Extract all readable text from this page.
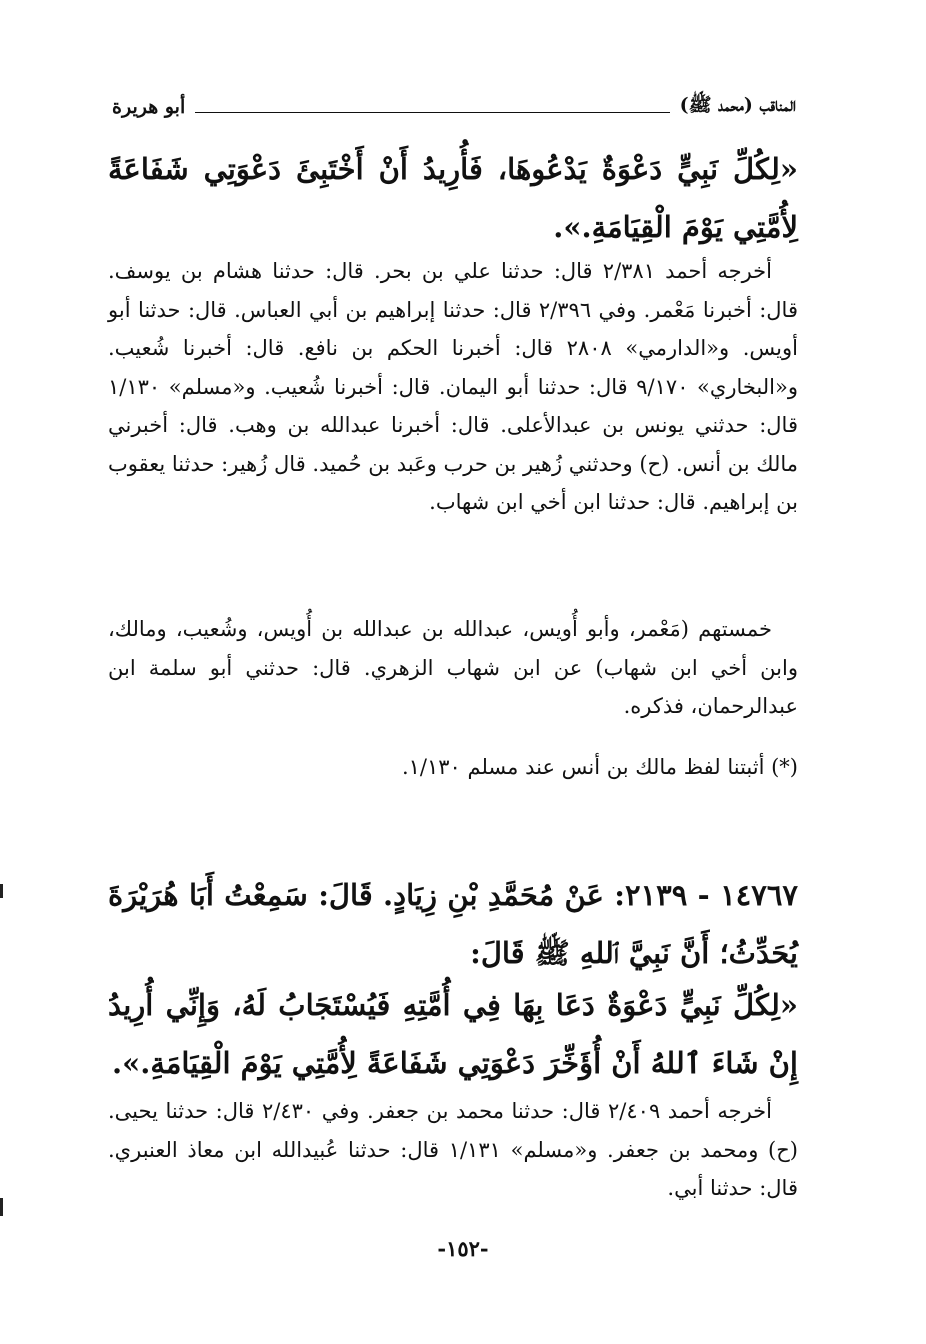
المناقب (محمد ﷺ)
أبو هريرة
«لِكُلِّ نَبِيٍّ دَعْوَةٌ يَدْعُوهَا، فَأُرِيدُ أَنْ أَخْتَبِئَ دَعْوَتِي شَفَاعَةً لِأُمَّتِي يَوْمَ الْقِيَامَةِ.».
أخرجه أحمد ٢/٣٨١ قال: حدثنا علي بن بحر. قال: حدثنا هشام بن يوسف. قال: أخبرنا مَعْمر. وفي ٢/٣٩٦ قال: حدثنا إبراهيم بن أبي العباس. قال: حدثنا أبو أويس. و«الدارمي» ٢٨٠٨ قال: أخبرنا الحكم بن نافع. قال: أخبرنا شُعيب. و«البخاري» ٩/١٧٠ قال: حدثنا أبو اليمان. قال: أخبرنا شُعيب. و«مسلم» ١/١٣٠ قال: حدثني يونس بن عبدالأعلى. قال: أخبرنا عبدالله بن وهب. قال: أخبرني مالك بن أنس. (ح) وحدثني زُهير بن حرب وعَبد بن حُميد. قال زُهير: حدثنا يعقوب بن إبراهيم. قال: حدثنا ابن أخي ابن شهاب.
خمستهم (مَعْمر، وأبو أُويس، عبدالله بن عبدالله بن أُويس، وشُعيب، ومالك، وابن أخي ابن شهاب) عن ابن شهاب الزهري. قال: حدثني أبو سلمة ابن عبدالرحمان، فذكره.
(*) أثبتنا لفظ مالك بن أنس عند مسلم ١/١٣٠.
١٤٧٦٧ - ٢١٣٩: عَنْ مُحَمَّدِ بْنِ زِيَادٍ. قَالَ: سَمِعْتُ أَبَا هُرَيْرَةَ يُحَدِّثُ؛ أَنَّ نَبِيَّ ٱللهِ ﷺ قَالَ:
«لِكُلِّ نَبِيٍّ دَعْوَةٌ دَعَا بِهَا فِي أُمَّتِهِ فَيُسْتَجَابُ لَهُ، وَإِنِّي أُرِيدُ إِنْ شَاءَ ٱللهُ أَنْ أُؤَخِّرَ دَعْوَتِي شَفَاعَةً لِأُمَّتِي يَوْمَ الْقِيَامَةِ.».
أخرجه أحمد ٢/٤٠٩ قال: حدثنا محمد بن جعفر. وفي ٢/٤٣٠ قال: حدثنا يحيى. (ح) ومحمد بن جعفر. و«مسلم» ١/١٣١ قال: حدثنا عُبيدالله ابن معاذ العنبري. قال: حدثنا أبي.
-١٥٢-
